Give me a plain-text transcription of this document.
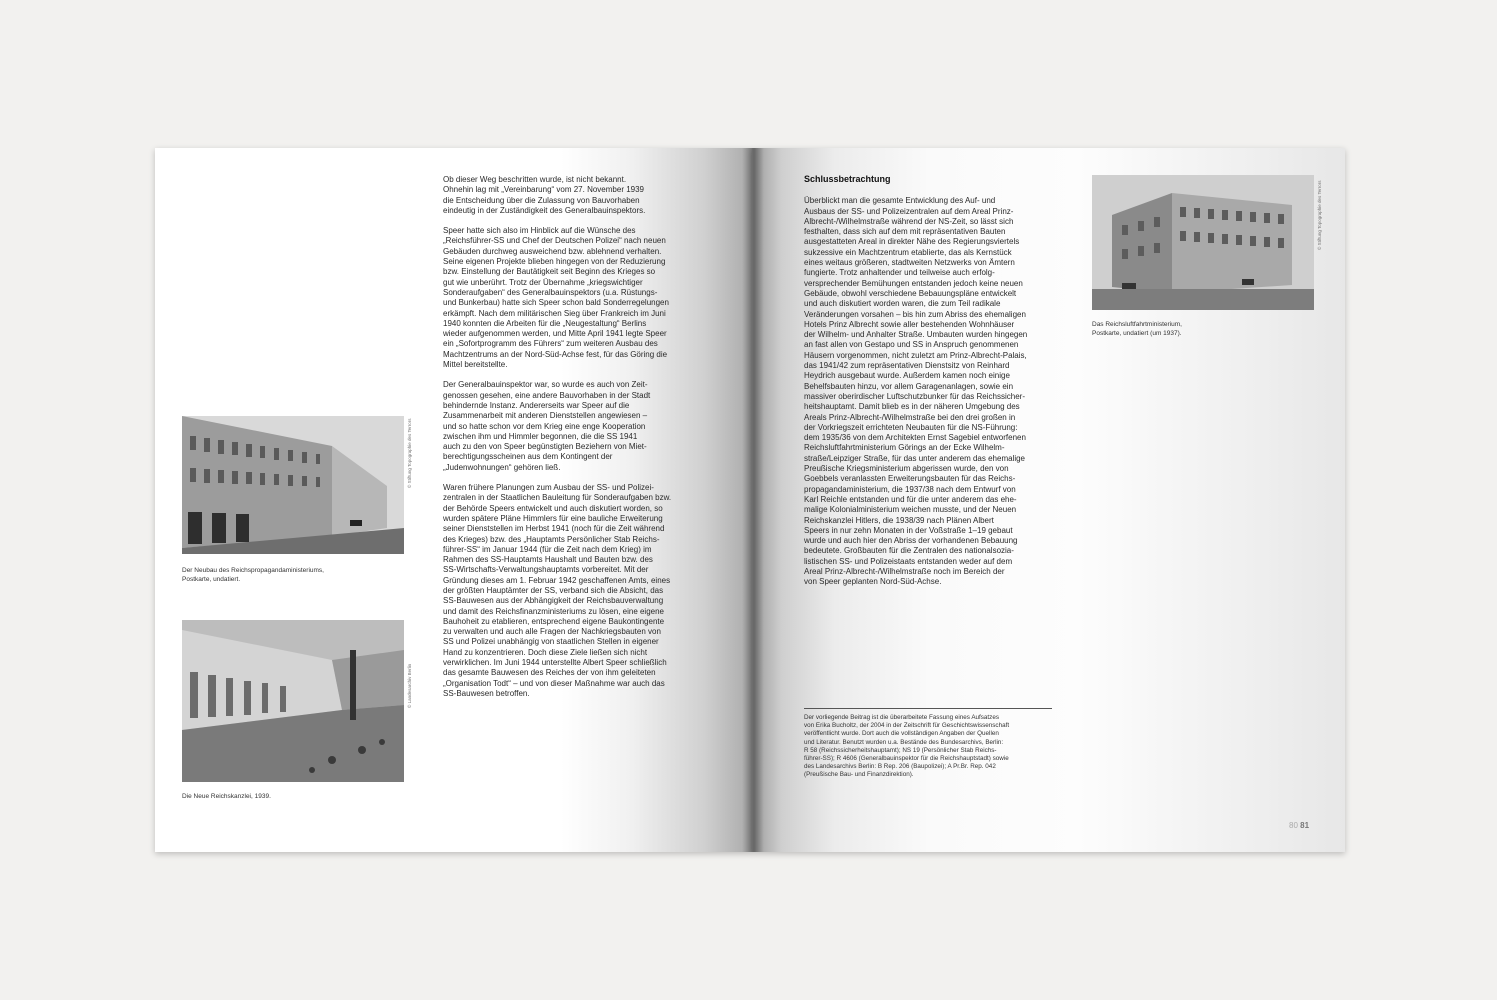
© Stiftung Topographie des Terrors
Der Neubau des Reichspropagandaministeriums,
Postkarte, undatiert.
© Landesarchiv Berlin
Die Neue Reichskanzlei, 1939.

Ob dieser Weg beschritten wurde, ist nicht bekannt.
Ohnehin lag mit „Vereinbarung“ vom 27. November 1939
die Entscheidung über die Zulassung von Bauvorhaben
eindeutig in der Zuständigkeit des Generalbauinspektors.

Speer hatte sich also im Hinblick auf die Wünsche des
„Reichsführer-SS und Chef der Deutschen Polizei“ nach neuen
Gebäuden durchweg ausweichend bzw. ablehnend verhalten.
Seine eigenen Projekte blieben hingegen von der Reduzierung
bzw. Einstellung der Bautätigkeit seit Beginn des Krieges so
gut wie unberührt. Trotz der Übernahme „kriegswichtiger
Sonderaufgaben“ des Generalbauinspektors (u.a. Rüstungs-
und Bunkerbau) hatte sich Speer schon bald Sonderregelungen
erkämpft. Nach dem militärischen Sieg über Frankreich im Juni
1940 konnten die Arbeiten für die „Neugestaltung“ Berlins
wieder aufgenommen werden, und Mitte April 1941 legte Speer
ein „Sofortprogramm des Führers“ zum weiteren Ausbau des
Machtzentrums an der Nord-Süd-Achse fest, für das Göring die
Mittel bereitstellte.

Der Generalbauinspektor war, so wurde es auch von Zeit-
genossen gesehen, eine andere Bauvorhaben in der Stadt
behindernde Instanz. Andererseits war Speer auf die
Zusammenarbeit mit anderen Dienststellen angewiesen –
und so hatte schon vor dem Krieg eine enge Kooperation
zwischen ihm und Himmler begonnen, die die SS 1941
auch zu den von Speer begünstigten Beziehern von Miet-
berechtigungsscheinen aus dem Kontingent der
„Judenwohnungen“ gehören ließ.

Waren frühere Planungen zum Ausbau der SS- und Polizei-
zentralen in der Staatlichen Bauleitung für Sonderaufgaben bzw.
der Behörde Speers entwickelt und auch diskutiert worden, so
wurden spätere Pläne Himmlers für eine bauliche Erweiterung
seiner Dienststellen im Herbst 1941 (noch für die Zeit während
des Krieges) bzw. des „Hauptamts Persönlicher Stab Reichs-
führer-SS“ im Januar 1944 (für die Zeit nach dem Krieg) im
Rahmen des SS-Hauptamts Haushalt und Bauten bzw. des
SS-Wirtschafts-Verwaltungshauptamts vorbereitet. Mit der
Gründung dieses am 1. Februar 1942 geschaffenen Amts, eines
der größten Hauptämter der SS, verband sich die Absicht, das
SS-Bauwesen aus der Abhängigkeit der Reichsbauverwaltung
und damit des Reichsfinanzministeriums zu lösen, eine eigene
Bauhoheit zu etablieren, entsprechend eigene Baukontingente
zu verwalten und auch alle Fragen der Nachkriegsbauten von
SS und Polizei unabhängig von staatlichen Stellen in eigener
Hand zu konzentrieren. Doch diese Ziele ließen sich nicht
verwirklichen. Im Juni 1944 unterstellte Albert Speer schließlich
das gesamte Bauwesen des Reiches der von ihm geleiteten
„Organisation Todt“ – und von dieser Maßnahme war auch das
SS-Bauwesen betroffen.

Schlussbetrachtung

Überblickt man die gesamte Entwicklung des Auf- und
Ausbaus der SS- und Polizeizentralen auf dem Areal Prinz-
Albrecht-/Wilhelmstraße während der NS-Zeit, so lässt sich
festhalten, dass sich auf dem mit repräsentativen Bauten
ausgestatteten Areal in direkter Nähe des Regierungsviertels
sukzessive ein Machtzentrum etablierte, das als Kernstück
eines weitaus größeren, stadtweiten Netzwerks von Ämtern
fungierte. Trotz anhaltender und teilweise auch erfolg-
versprechender Bemühungen entstanden jedoch keine neuen
Gebäude, obwohl verschiedene Bebauungspläne entwickelt
und auch diskutiert worden waren, die zum Teil radikale
Veränderungen vorsahen – bis hin zum Abriss des ehemaligen
Hotels Prinz Albrecht sowie aller bestehenden Wohnhäuser
der Wilhelm- und Anhalter Straße. Umbauten wurden hingegen
an fast allen von Gestapo und SS in Anspruch genommenen
Häusern vorgenommen, nicht zuletzt am Prinz-Albrecht-Palais,
das 1941/42 zum repräsentativen Dienstsitz von Reinhard
Heydrich ausgebaut wurde. Außerdem kamen noch einige
Behelfsbauten hinzu, vor allem Garagenanlagen, sowie ein
massiver oberirdischer Luftschutzbunker für das Reichssicher-
heitshauptamt. Damit blieb es in der näheren Umgebung des
Areals Prinz-Albrecht-/Wilhelmstraße bei den drei großen in
der Vorkriegszeit errichteten Neubauten für die NS-Führung:
dem 1935/36 von dem Architekten Ernst Sagebiel entworfenen
Reichsluftfahrtministerium Görings an der Ecke Wilhelm-
straße/Leipziger Straße, für das unter anderem das ehemalige
Preußische Kriegsministerium abgerissen wurde, den von
Goebbels veranlassten Erweiterungsbauten für das Reichs-
propagandaministerium, die 1937/38 nach dem Entwurf von
Karl Reichle entstanden und für die unter anderem das ehe-
malige Kolonialministerium weichen musste, und der Neuen
Reichskanzlei Hitlers, die 1938/39 nach Plänen Albert
Speers in nur zehn Monaten in der Voßstraße 1–19 gebaut
wurde und auch hier den Abriss der vorhandenen Bebauung
bedeutete. Großbauten für die Zentralen des nationalsozia-
listischen SS- und Polizeistaats entstanden weder auf dem
Areal Prinz-Albrecht-/Wilhelmstraße noch im Bereich der
von Speer geplanten Nord-Süd-Achse.

Der vorliegende Beitrag ist die überarbeitete Fassung eines Aufsatzes
von Erika Bucholtz, der 2004 in der Zeitschrift für Geschichtswissenschaft
veröffentlicht wurde. Dort auch die vollständigen Angaben der Quellen
und Literatur. Benutzt wurden u.a. Bestände des Bundesarchivs, Berlin:
R 58 (Reichssicherheitshauptamt); NS 19 (Persönlicher Stab Reichs-
führer-SS); R 4606 (Generalbauinspektor für die Reichshauptstadt) sowie
des Landesarchivs Berlin: B Rep. 206 (Baupolizei); A Pr.Br. Rep. 042
(Preußische Bau- und Finanzdirektion).
© Stiftung Topographie des Terrors
Das Reichsluftfahrtministerium,
Postkarte, undatiert (um 1937).
80 81
